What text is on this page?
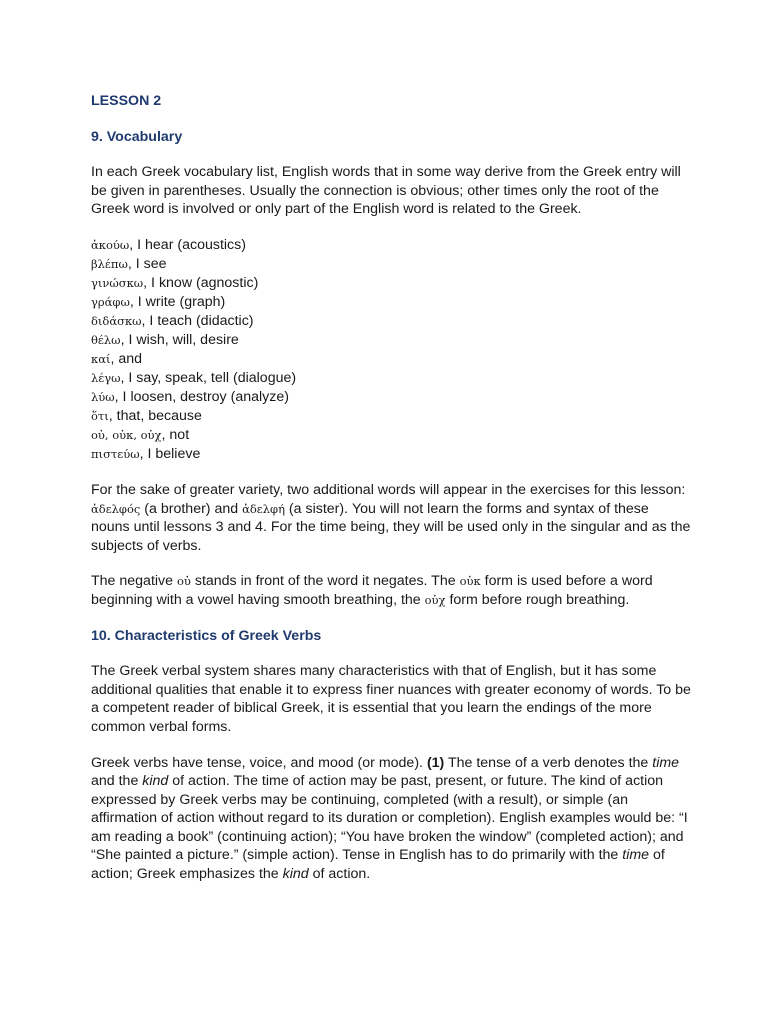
LESSON 2
9. Vocabulary

In each Greek vocabulary list, English words that in some way derive from the Greek entry will be given in parentheses. Usually the connection is obvious; other times only the root of the Greek word is involved or only part of the English word is related to the Greek.

ἀκούω, I hear (acoustics)
βλέπω, I see
γινώσκω, I know (agnostic)
γράφω, I write (graph)
διδάσκω, I teach (didactic)
θέλω, I wish, will, desire
καί, and
λέγω, I say, speak, tell (dialogue)
λύω, I loosen, destroy (analyze)
ὅτι, that, because
οὐ, οὐκ, οὐχ, not
πιστεύω, I believe

For the sake of greater variety, two additional words will appear in the exercises for this lesson: ἀδελφός (a brother) and ἀδελφή (a sister). You will not learn the forms and syntax of these nouns until lessons 3 and 4. For the time being, they will be used only in the singular and as the subjects of verbs.

The negative οὐ stands in front of the word it negates. The οὐκ form is used before a word beginning with a vowel having smooth breathing, the οὐχ form before rough breathing.

10. Characteristics of Greek Verbs

The Greek verbal system shares many characteristics with that of English, but it has some additional qualities that enable it to express finer nuances with greater economy of words. To be a competent reader of biblical Greek, it is essential that you learn the endings of the more common verbal forms.

Greek verbs have tense, voice, and mood (or mode). (1) The tense of a verb denotes the time and the kind of action. The time of action may be past, present, or future. The kind of action expressed by Greek verbs may be continuing, completed (with a result), or simple (an affirmation of action without regard to its duration or completion). English examples would be: “I am reading a book” (continuing action); “You have broken the window” (completed action); and “She painted a picture.” (simple action). Tense in English has to do primarily with the time of action; Greek emphasizes the kind of action.
